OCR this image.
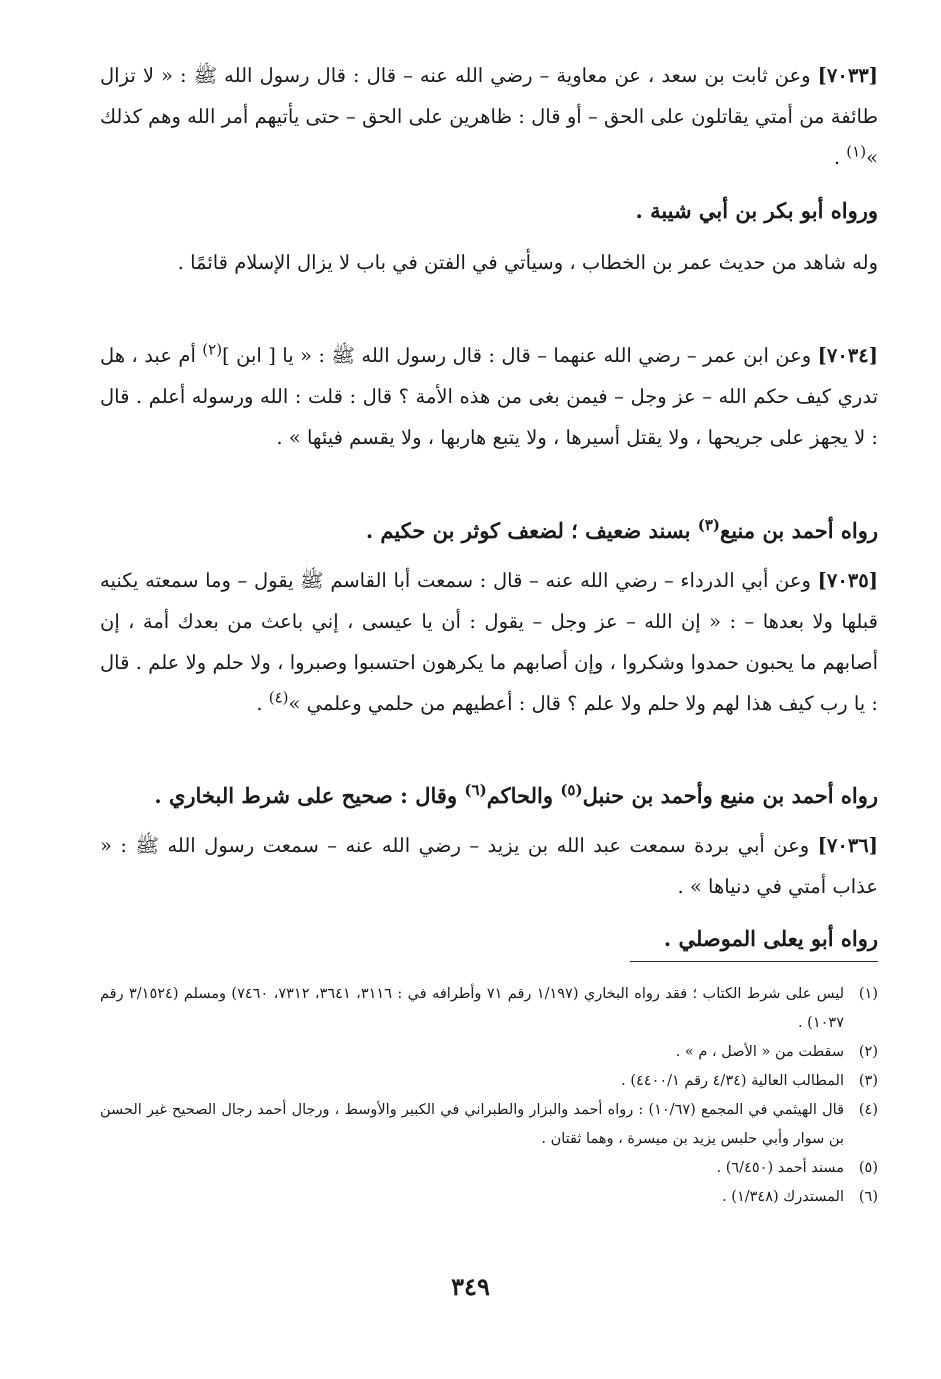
[٧٠٣٣] وعن ثابت بن سعد ، عن معاوية – رضي الله عنه – قال : قال رسول الله ﷺ : « لا تزال طائفة من أمتي يقاتلون على الحق – أو قال : ظاهرين على الحق – حتى يأتيهم أمر الله وهم كذلك »$^{(١)}$ .

ورواه أبو بكر بن أبي شيبة .

وله شاهد من حديث عمر بن الخطاب ، وسيأتي في الفتن في باب لا يزال الإسلام قائمًا .

[٧٠٣٤] وعن ابن عمر – رضي الله عنهما – قال : قال رسول الله ﷺ : « يا [ ابن ]$^{(٢)}$ أم عبد ، هل تدري كيف حكم الله – عز وجل – فيمن بغى من هذه الأمة ؟ قال : قلت : الله ورسوله أعلم . قال : لا يجهز على جريحها ، ولا يقتل أسيرها ، ولا يتبع هاربها ، ولا يقسم فيئها » .

رواه أحمد بن منيع$^{(٣)}$ بسند ضعيف ؛ لضعف كوثر بن حكيم .

[٧٠٣٥] وعن أبي الدرداء – رضي الله عنه – قال : سمعت أبا القاسم ﷺ يقول – وما سمعته يكنيه قبلها ولا بعدها – : « إن الله – عز وجل – يقول : أن يا عيسى ، إني باعث من بعدك أمة ، إن أصابهم ما يحبون حمدوا وشكروا ، وإن أصابهم ما يكرهون احتسبوا وصبروا ، ولا حلم ولا علم . قال : يا رب كيف هذا لهم ولا حلم ولا علم ؟ قال : أعطيهم من حلمي وعلمي »$^{(٤)}$ .

رواه أحمد بن منيع وأحمد بن حنبل$^{(٥)}$ والحاكم$^{(٦)}$ وقال : صحيح على شرط البخاري .

[٧٠٣٦] وعن أبي بردة سمعت عبد الله بن يزيد – رضي الله عنه – سمعت رسول الله ﷺ : « عذاب أمتي في دنياها » .

رواه أبو يعلى الموصلي .

(١)
ليس على شرط الكتاب ؛ فقد رواه البخاري (١/١٩٧ رقم ٧١ وأطرافه في : ٣١١٦، ٣٦٤١، ٧٣١٢، ٧٤٦٠) ومسلم (٣/١٥٢٤ رقم ١٠٣٧) .
(٢)
سقطت من « الأصل ، م » .
(٣)
المطالب العالية (٤/٣٤ رقم ٤٤٠٠/١) .
(٤)
قال الهيثمي في المجمع (١٠/٦٧) : رواه أحمد والبزار والطبراني في الكبير والأوسط ، ورجال أحمد رجال الصحيح غير الحسن بن سوار وأبي حلبس يزيد بن ميسرة ، وهما ثقتان .
(٥)
مسند أحمد (٦/٤٥٠) .
(٦)
المستدرك (١/٣٤٨) .
٣٤٩
